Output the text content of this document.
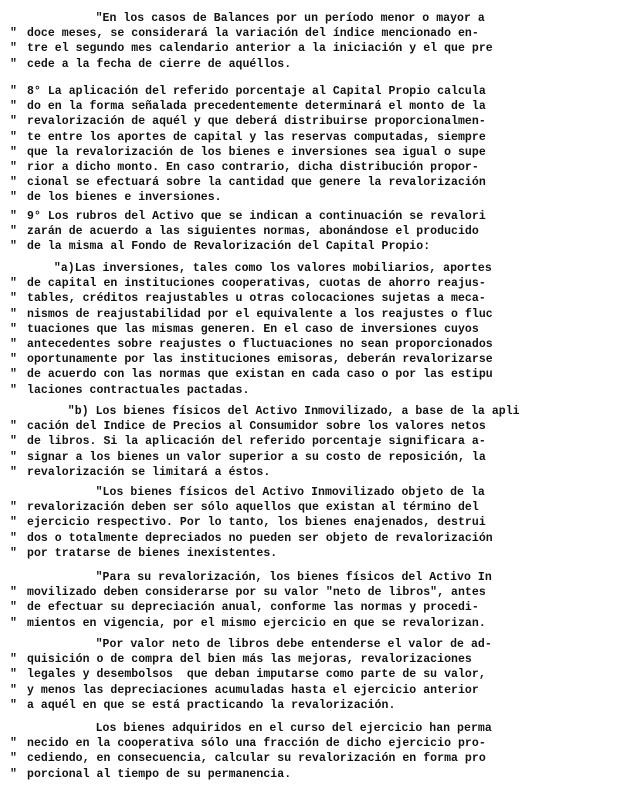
"En los casos de Balances por un período menor o mayor a
" doce meses, se considerará la variación del índice mencionado en-
" tre el segundo mes calendario anterior a la iniciación y el que pre
" cede a la fecha de cierre de aquéllos.
" 8° La aplicación del referido porcentaje al Capital Propio calcula
" do en la forma señalada precedentemente determinará el monto de la
" revalorización de aquél y que deberá distribuirse proporcionalmen-
" te entre los aportes de capital y las reservas computadas, siempre
" que la revalorización de los bienes e inversiones sea igual o supe
" rior a dicho monto. En caso contrario, dicha distribución propor-
" cional se efectuará sobre la cantidad que genere la revalorización
" de los bienes e inversiones.
" 9° Los rubros del Activo que se indican a continuación se revalori
" zarán de acuerdo a las siguientes normas, abonándose el producido
" de la misma al Fondo de Revalorización del Capital Propio:
"a)Las inversiones, tales como los valores mobiliarios, aportes
" de capital en instituciones cooperativas, cuotas de ahorro reajus-
" tables, créditos reajustables u otras colocaciones sujetas a meca-
" nismos de reajustabilidad por el equivalente a los reajustes o fluc
" tuaciones que las mismas generen. En el caso de inversiones cuyos
" antecedentes sobre reajustes o fluctuaciones no sean proporcionados
" oportunamente por las instituciones emisoras, deberán revalorizarse
" de acuerdo con las normas que existan en cada caso o por las estipu
" laciones contractuales pactadas.
"b) Los bienes físicos del Activo Inmovilizado, a base de la apli
" cación del Indice de Precios al Consumidor sobre los valores netos
" de libros. Si la aplicación del referido porcentaje significara a-
" signar a los bienes un valor superior a su costo de reposición, la
" revalorización se limitará a éstos.
"Los bienes físicos del Activo Inmovilizado objeto de la
" revalorización deben ser sólo aquellos que existan al término del
" ejercicio respectivo. Por lo tanto, los bienes enajenados, destrui
" dos o totalmente depreciados no pueden ser objeto de revalorización
" por tratarse de bienes inexistentes.
"Para su revalorización, los bienes físicos del Activo In
" movilizado deben considerarse por su valor "neto de libros", antes
" de efectuar su depreciación anual, conforme las normas y procedi-
" mientos en vigencia, por el mismo ejercicio en que se revalorizan.
"Por valor neto de libros debe entenderse el valor de ad-
" quisición o de compra del bien más las mejoras, revalorizaciones
" legales y desembolsos  que deban imputarse como parte de su valor,
" y menos las depreciaciones acumuladas hasta el ejercicio anterior
" a aquél en que se está practicando la revalorización.
Los bienes adquiridos en el curso del ejercicio han perma
" necido en la cooperativa sólo una fracción de dicho ejercicio pro-
" cediendo, en consecuencia, calcular su revalorización en forma pro
" porcional al tiempo de su permanencia.
